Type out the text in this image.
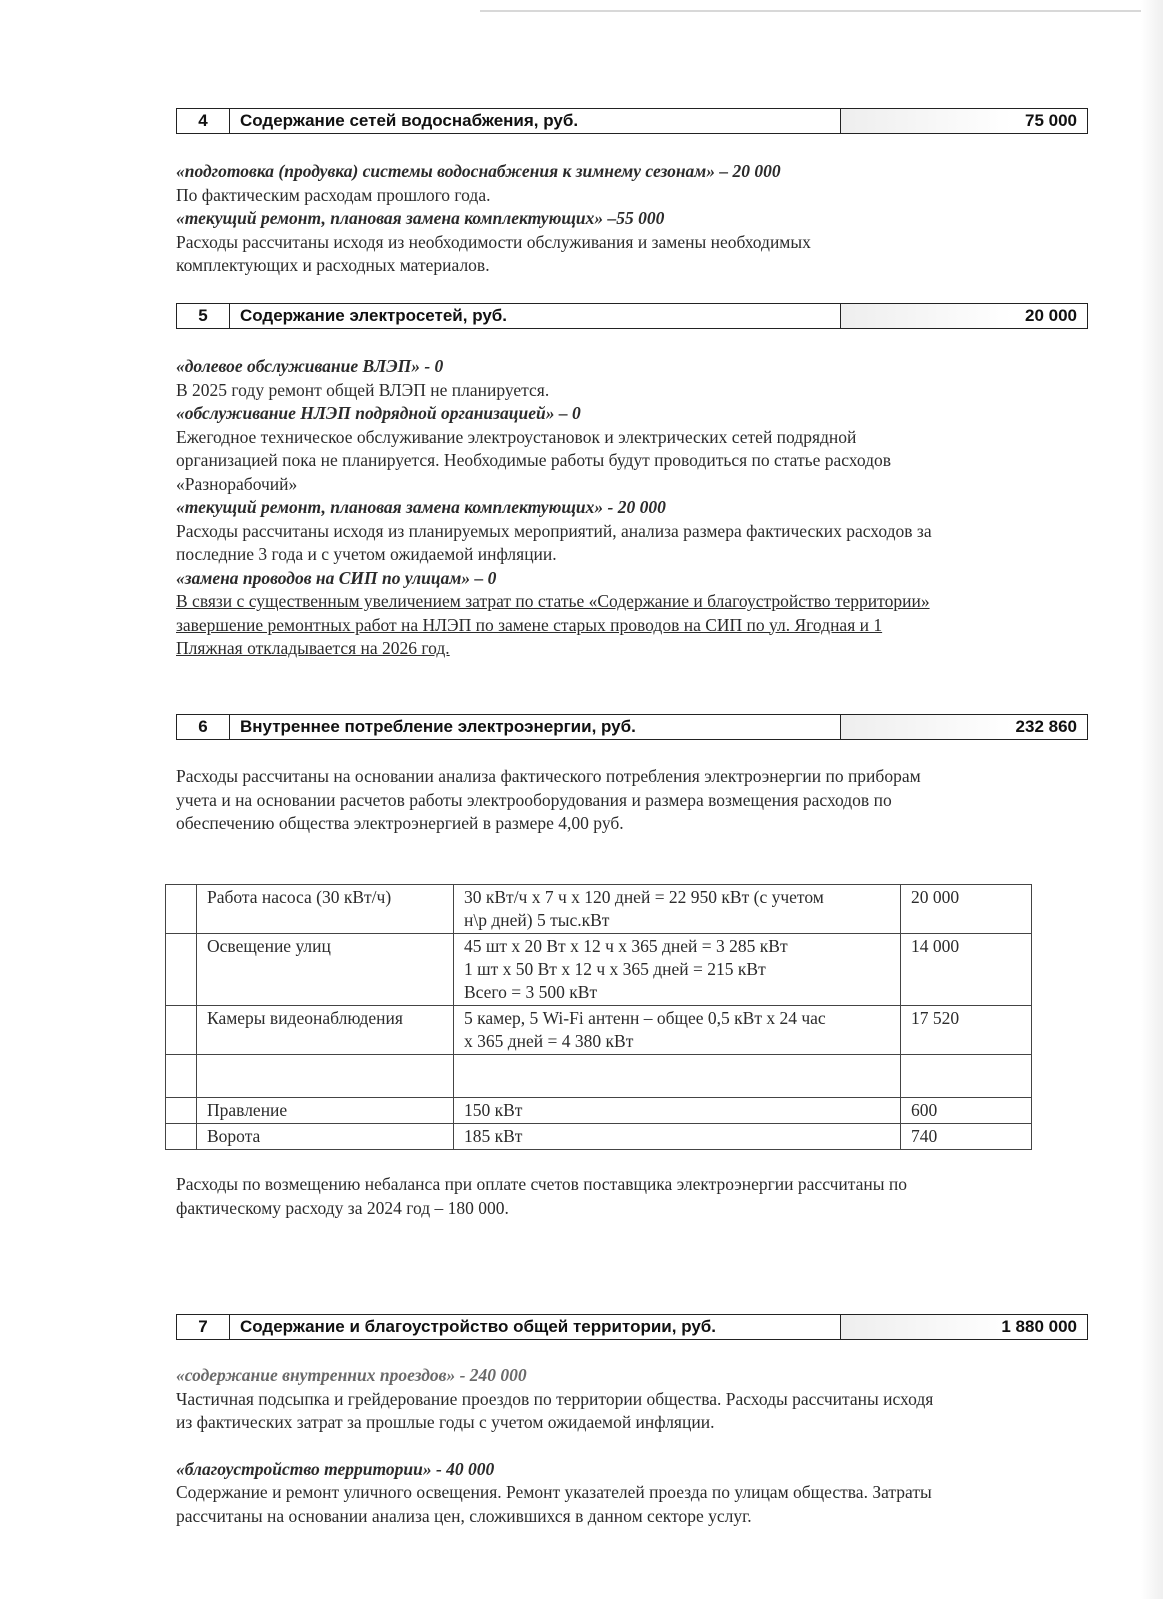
4	Содержание сетей водоснабжения, руб.	75 000

«подготовка (продувка) системы водоснабжения к зимнему сезонам» – 20 000

По фактическим расходам прошлого года.

«текущий ремонт, плановая замена комплектующих» –55 000

Расходы рассчитаны исходя из необходимости обслуживания и замены необходимых

комплектующих и расходных материалов.

5	Содержание электросетей, руб.	20 000

«долевое обслуживание ВЛЭП» - 0

В 2025 году ремонт общей ВЛЭП не планируется.

«обслуживание НЛЭП подрядной организацией» – 0

Ежегодное техническое обслуживание электроустановок и электрических сетей подрядной

организацией пока не планируется. Необходимые работы будут проводиться по статье расходов

«Разнорабочий»

«текущий ремонт, плановая замена комплектующих» - 20 000

Расходы рассчитаны исходя из планируемых мероприятий, анализа размера фактических расходов за

последние 3 года и с учетом ожидаемой инфляции.

«замена проводов на СИП по улицам» – 0

В связи с существенным увеличением затрат по статье «Содержание и благоустройство территории»

завершение ремонтных работ на НЛЭП по замене старых проводов на СИП по ул. Ягодная и 1

Пляжная откладывается на 2026 год.

6	Внутреннее потребление электроэнергии, руб.	232 860

Расходы рассчитаны на основании анализа фактического потребления электроэнергии по приборам

учета и на основании расчетов работы электрооборудования и размера возмещения расходов по

обеспечению общества электроэнергией в размере 4,00 руб.

	Работа насоса (30 кВт/ч)	30 кВт/ч х 7 ч х 120 дней = 22 950 кВт (с учетом
н\р дней) 5 тыс.кВт	20 000
	Освещение улиц	45 шт х 20 Вт х 12 ч х 365 дней = 3 285 кВт
1 шт х 50 Вт х 12 ч х 365 дней = 215 кВт
Всего = 3 500 кВт	14 000
	Камеры видеонаблюдения	5 камер, 5 Wi-Fi антенн – общее 0,5 кВт х 24 час
х 365 дней = 4 380 кВт	17 520

	Правление	150 кВт	600
	Ворота	185 кВт	740

Расходы по возмещению небаланса при оплате счетов поставщика электроэнергии рассчитаны по

фактическому расходу за 2024 год – 180 000.

7	Содержание и благоустройство общей территории, руб.	1 880 000

«содержание внутренних проездов» - 240 000

Частичная подсыпка и грейдерование проездов по территории общества. Расходы рассчитаны исходя

из фактических затрат за прошлые годы с учетом ожидаемой инфляции.

«благоустройство территории» - 40 000

Содержание и ремонт уличного освещения. Ремонт указателей проезда по улицам общества. Затраты

рассчитаны на основании анализа цен, сложившихся в данном секторе услуг.
